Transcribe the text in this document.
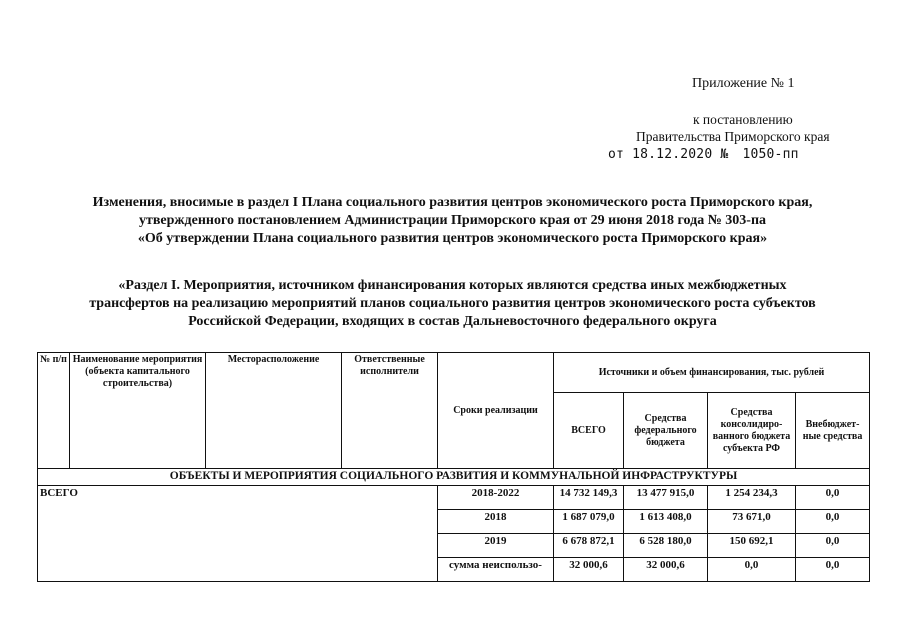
Приложение № 1
к постановлению
Правительства Приморского края
от 18.12.2020 № 1050-пп
Изменения, вносимые в раздел I Плана социального развития центров экономического роста Приморского края,
утвержденного постановлением Администрации Приморского края от 29 июня 2018 года № 303-па
«Об утверждении Плана социального развития центров экономического роста Приморского края»
«Раздел I. Мероприятия, источником финансирования которых являются средства иных межбюджетных
трансфертов на реализацию мероприятий планов социального развития центров экономического роста субъектов
Российской Федерации, входящих в состав Дальневосточного федерального округа
№ п/п	Наименование мероприятия (объекта капитального строительства)	Месторасположение	Ответственные исполнители	Сроки реализации	Источники и объем финансирования, тыс. рублей			
					ВСЕГО	Средства федерального бюджета	Средства консолидиро-ванного бюджета субъекта РФ	Внебюджет-ные средства
ОБЪЕКТЫ И МЕРОПРИЯТИЯ СОЦИАЛЬНОГО РАЗВИТИЯ И КОММУНАЛЬНОЙ ИНФРАСТРУКТУРЫ								
ВСЕГО				2018-2022	14 732 149,3	13 477 915,0	1 254 234,3	0,0
				2018	1 687 079,0	1 613 408,0	73 671,0	0,0
				2019	6 678 872,1	6 528 180,0	150 692,1	0,0
				сумма неиспользо-	32 000,6	32 000,6	0,0	0,0
